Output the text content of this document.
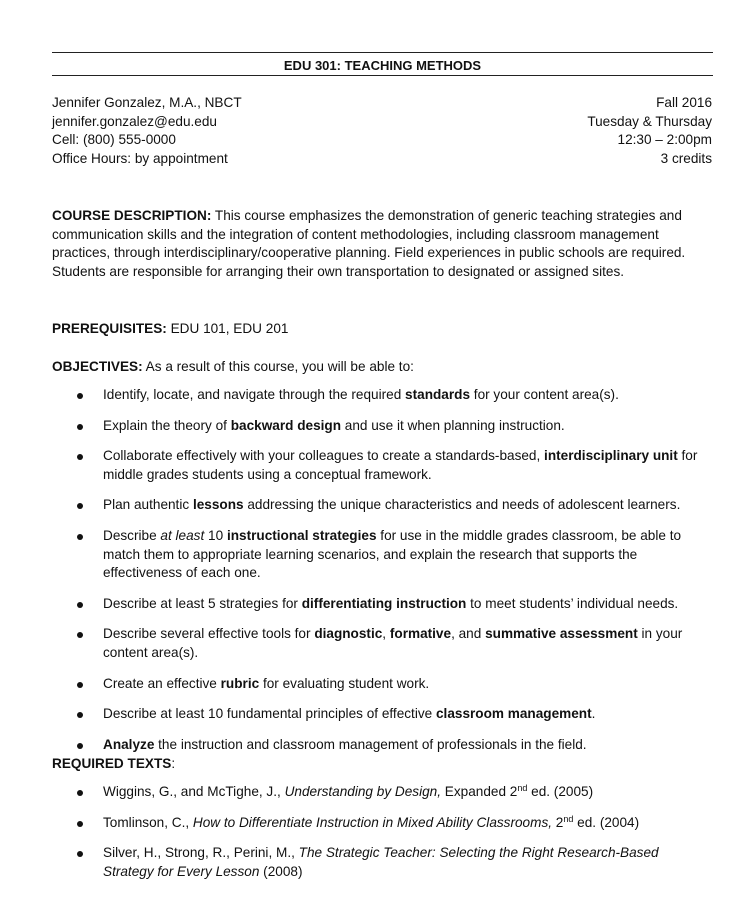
EDU 301: TEACHING METHODS
Jennifer Gonzalez, M.A., NBCT
jennifer.gonzalez@edu.edu
Cell: (800) 555-0000
Office Hours: by appointment
Fall 2016
Tuesday & Thursday
12:30 – 2:00pm
3 credits
COURSE DESCRIPTION: This course emphasizes the demonstration of generic teaching strategies and communication skills and the integration of content methodologies, including classroom management practices, through interdisciplinary/cooperative planning. Field experiences in public schools are required. Students are responsible for arranging their own transportation to designated or assigned sites.
PREREQUISITES: EDU 101, EDU 201
OBJECTIVES: As a result of this course, you will be able to:
Identify, locate, and navigate through the required standards for your content area(s).
Explain the theory of backward design and use it when planning instruction.
Collaborate effectively with your colleagues to create a standards-based, interdisciplinary unit for middle grades students using a conceptual framework.
Plan authentic lessons addressing the unique characteristics and needs of adolescent learners.
Describe at least 10 instructional strategies for use in the middle grades classroom, be able to match them to appropriate learning scenarios, and explain the research that supports the effectiveness of each one.
Describe at least 5 strategies for differentiating instruction to meet students’ individual needs.
Describe several effective tools for diagnostic, formative, and summative assessment in your content area(s).
Create an effective rubric for evaluating student work.
Describe at least 10 fundamental principles of effective classroom management.
Analyze the instruction and classroom management of professionals in the field.
REQUIRED TEXTS:
Wiggins, G., and McTighe, J., Understanding by Design, Expanded 2nd ed. (2005)
Tomlinson, C., How to Differentiate Instruction in Mixed Ability Classrooms, 2nd ed. (2004)
Silver, H., Strong, R., Perini, M., The Strategic Teacher: Selecting the Right Research-Based Strategy for Every Lesson (2008)
